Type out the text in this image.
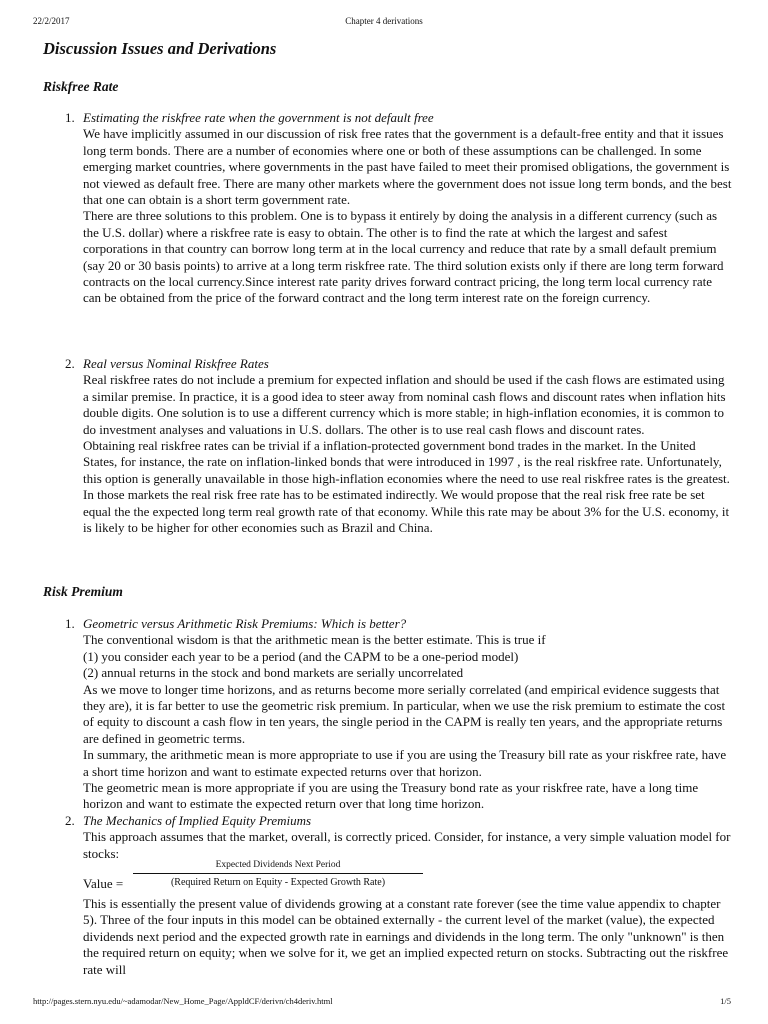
22/2/2017	Chapter 4 derivations
Discussion Issues and Derivations
Riskfree Rate
1. Estimating the riskfree rate when the government is not default free

We have implicitly assumed in our discussion of risk free rates that the government is a default-free entity and that it issues long term bonds. There are a number of economies where one or both of these assumptions can be challenged. In some emerging market countries, where governments in the past have failed to meet their promised obligations, the government is not viewed as default free. There are many other markets where the government does not issue long term bonds, and the best that one can obtain is a short term government rate.

There are three solutions to this problem. One is to bypass it entirely by doing the analysis in a different currency (such as the U.S. dollar) where a riskfree rate is easy to obtain. The other is to find the rate at which the largest and safest corporations in that country can borrow long term at in the local currency and reduce that rate by a small default premium (say 20 or 30 basis points) to arrive at a long term riskfree rate. The third solution exists only if there are long term forward contracts on the local currency.Since interest rate parity drives forward contract pricing, the long term local currency rate can be obtained from the price of the forward contract and the long term interest rate on the foreign currency.

2. Real versus Nominal Riskfree Rates

Real riskfree rates do not include a premium for expected inflation and should be used if the cash flows are estimated using a similar premise. In practice, it is a good idea to steer away from nominal cash flows and discount rates when inflation hits double digits. One solution is to use a different currency which is more stable; in high-inflation economies, it is common to do investment analyses and valuations in U.S. dollars. The other is to use real cash flows and discount rates.

Obtaining real riskfree rates can be trivial if a inflation-protected government bond trades in the market. In the United States, for instance, the rate on inflation-linked bonds that were introduced in 1997 , is the real riskfree rate. Unfortunately, this option is generally unavailable in those high-inflation economies where the need to use real riskfree rates is the greatest. In those markets the real risk free rate has to be estimated indirectly. We would propose that the real risk free rate be set equal the the expected long term real growth rate of that economy. While this rate may be about 3% for the U.S. economy, it is likely to be higher for other economies such as Brazil and China.

Risk Premium
1. Geometric versus Arithmetic Risk Premiums: Which is better?

The conventional wisdom is that the arithmetic mean is the better estimate. This is true if

(1) you consider each year to be a period (and the CAPM to be a one-period model)

(2) annual returns in the stock and bond markets are serially uncorrelated

As we move to longer time horizons, and as returns become more serially correlated (and empirical evidence suggests that they are), it is far better to use the geometric risk premium. In particular, when we use the risk premium to estimate the cost of equity to discount a cash flow in ten years, the single period in the CAPM is really ten years, and the appropriate returns are defined in geometric terms.

In summary, the arithmetic mean is more appropriate to use if you are using the Treasury bill rate as your riskfree rate, have a short time horizon and want to estimate expected returns over that horizon.

The geometric mean is more appropriate if you are using the Treasury bond rate as your riskfree rate, have a long time horizon and want to estimate the expected return over that long time horizon.

2. The Mechanics of Implied Equity Premiums

This approach assumes that the market, overall, is correctly priced. Consider, for instance, a very simple valuation model for stocks:

Value =
Expected Dividends Next Period
(Required Return on Equity - Expected Growth Rate)

This is essentially the present value of dividends growing at a constant rate forever (see the time value appendix to chapter 5). Three of the four inputs in this model can be obtained externally - the current level of the market (value), the expected dividends next period and the expected growth rate in earnings and dividends in the long term. The only "unknown" is then the required return on equity; when we solve for it, we get an implied expected return on stocks. Subtracting out the riskfree rate will

http://pages.stern.nyu.edu/~adamodar/New_Home_Page/AppldCF/derivn/ch4deriv.html	1/5
